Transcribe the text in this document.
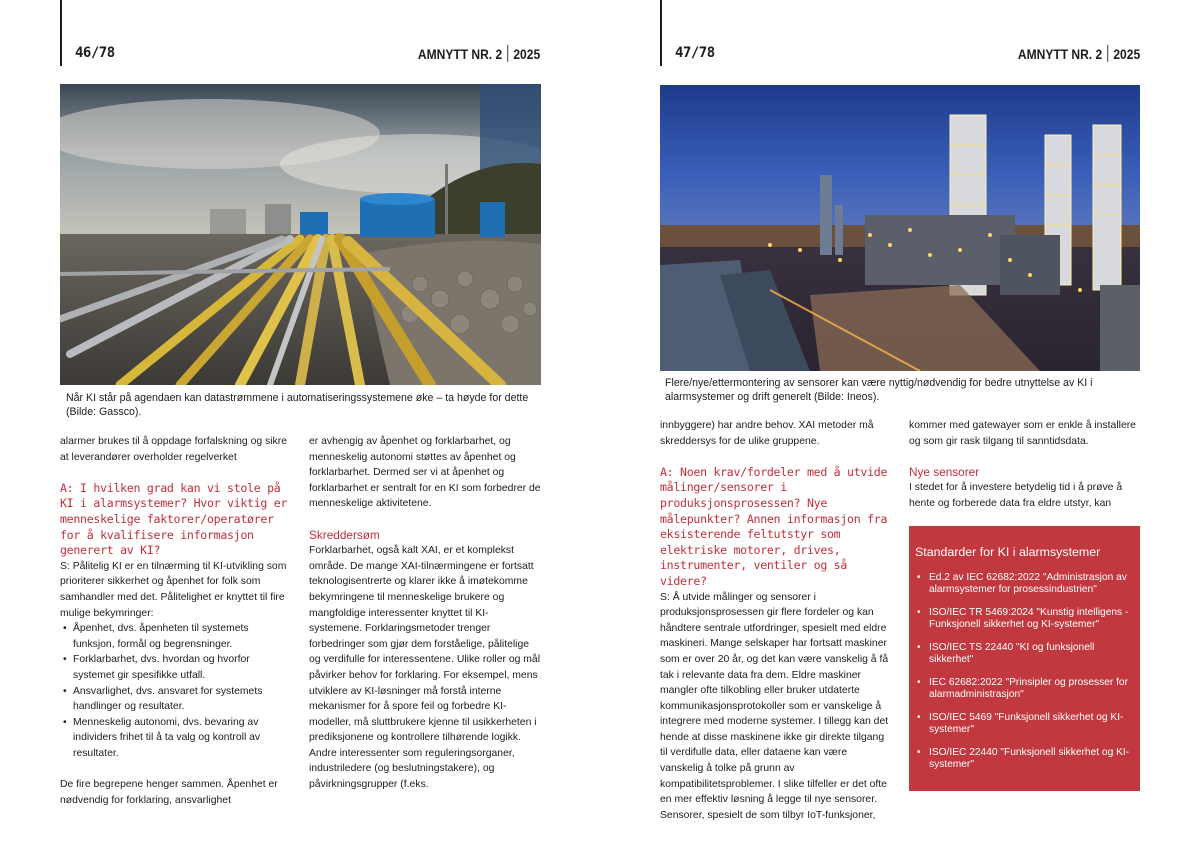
46/78	AMNYTT NR. 2 2025
Når KI står på agendaen kan datastrømmene i automatiseringssystemene øke – ta høyde for dette (Bilde: Gassco).

alarmer brukes til å oppdage forfalskning og sikre at leverandører overholder regelverket

A: I hvilken grad kan vi stole på KI i alarmsystemer? Hvor viktig er menneskelige faktorer/operatører for å kvalifisere informasjon generert av KI?

S: Pålitelig KI er en tilnærming til KI-utvikling som prioriterer sikkerhet og åpenhet for folk som samhandler med det. Pålitelighet er knyttet til fire mulige bekymringer:

• Åpenhet, dvs. åpenheten til systemets funksjon, formål og begrensninger.
• Forklarbarhet, dvs. hvordan og hvorfor systemet gir spesifikke utfall.
• Ansvarlighet, dvs. ansvaret for systemets handlinger og resultater.
• Menneskelig autonomi, dvs. bevaring av individers frihet til å ta valg og kontroll av resultater.

De fire begrepene henger sammen. Åpenhet er nødvendig for forklaring, ansvarlighet

er avhengig av åpenhet og forklarbarhet, og menneskelig autonomi støttes av åpenhet og forklarbarhet. Dermed ser vi at åpenhet og forklarbarhet er sentralt for en KI som forbedrer de menneskelige aktivitetene.

Skreddersøm

Forklarbarhet, også kalt XAI, er et komplekst område. De mange XAI-tilnærmingene er fortsatt teknologisentrerte og klarer ikke å imøtekomme bekymringene til menneskelige brukere og mangfoldige interessenter knyttet til KI-systemene. Forklaringsmetoder trenger forbedringer som gjør dem forståelige, pålitelige og verdifulle for interessentene. Ulike roller og mål påvirker behov for forklaring. For eksempel, mens utviklere av KI-løsninger må forstå interne mekanismer for å spore feil og forbedre KI-modeller, må sluttbrukere kjenne til usikkerheten i prediksjonene og kontrollere tilhørende logikk. Andre interessenter som reguleringsorganer, industriledere (og beslutningstakere), og påvirkningsgrupper (f.eks.

47/78	AMNYTT NR. 2 2025
Flere/nye/ettermontering av sensorer kan være nyttig/nødvendig for bedre utnyttelse av KI i alarmsystemer og drift generelt (Bilde: Ineos).

innbyggere) har andre behov. XAI metoder må skreddersys for de ulike gruppene.

A: Noen krav/fordeler med å utvide målinger/sensorer i produksjonsprosessen? Nye målepunkter? Annen informasjon fra eksisterende feltutstyr som elektriske motorer, drives, instrumenter, ventiler og så videre?

S: Å utvide målinger og sensorer i produksjonsprosessen gir flere fordeler og kan håndtere sentrale utfordringer, spesielt med eldre maskineri. Mange selskaper har fortsatt maskiner som er over 20 år, og det kan være vanskelig å få tak i relevante data fra dem. Eldre maskiner mangler ofte tilkobling eller bruker utdaterte kommunikasjonsprotokoller som er vanskelige å integrere med moderne systemer. I tillegg kan det hende at disse maskinene ikke gir direkte tilgang til verdifulle data, eller dataene kan være vanskelig å tolke på grunn av kompatibilitetsproblemer. I slike tilfeller er det ofte en mer effektiv løsning å legge til nye sensorer. Sensorer, spesielt de som tilbyr IoT-funksjoner,

kommer med gatewayer som er enkle å installere og som gir rask tilgang til sanntidsdata.

Nye sensorer

I stedet for å investere betydelig tid i å prøve å hente og forberede data fra eldre utstyr, kan

Standarder for KI i alarmsystemer
• Ed.2 av IEC 62682:2022 "Administrasjon av alarmsystemer for prosessindustrien"
• ISO/IEC TR 5469:2024 "Kunstig intelligens - Funksjonell sikkerhet og KI-systemer"
• ISO/IEC TS 22440 "KI og funksjonell sikkerhet"
• IEC 62682:2022 "Prinsipler og prosesser for alarmadministrasjon"
• ISO/IEC 5469 "Funksjonell sikkerhet og KI-systemer"
• ISO/IEC 22440 "Funksjonell sikkerhet og KI-systemer"
